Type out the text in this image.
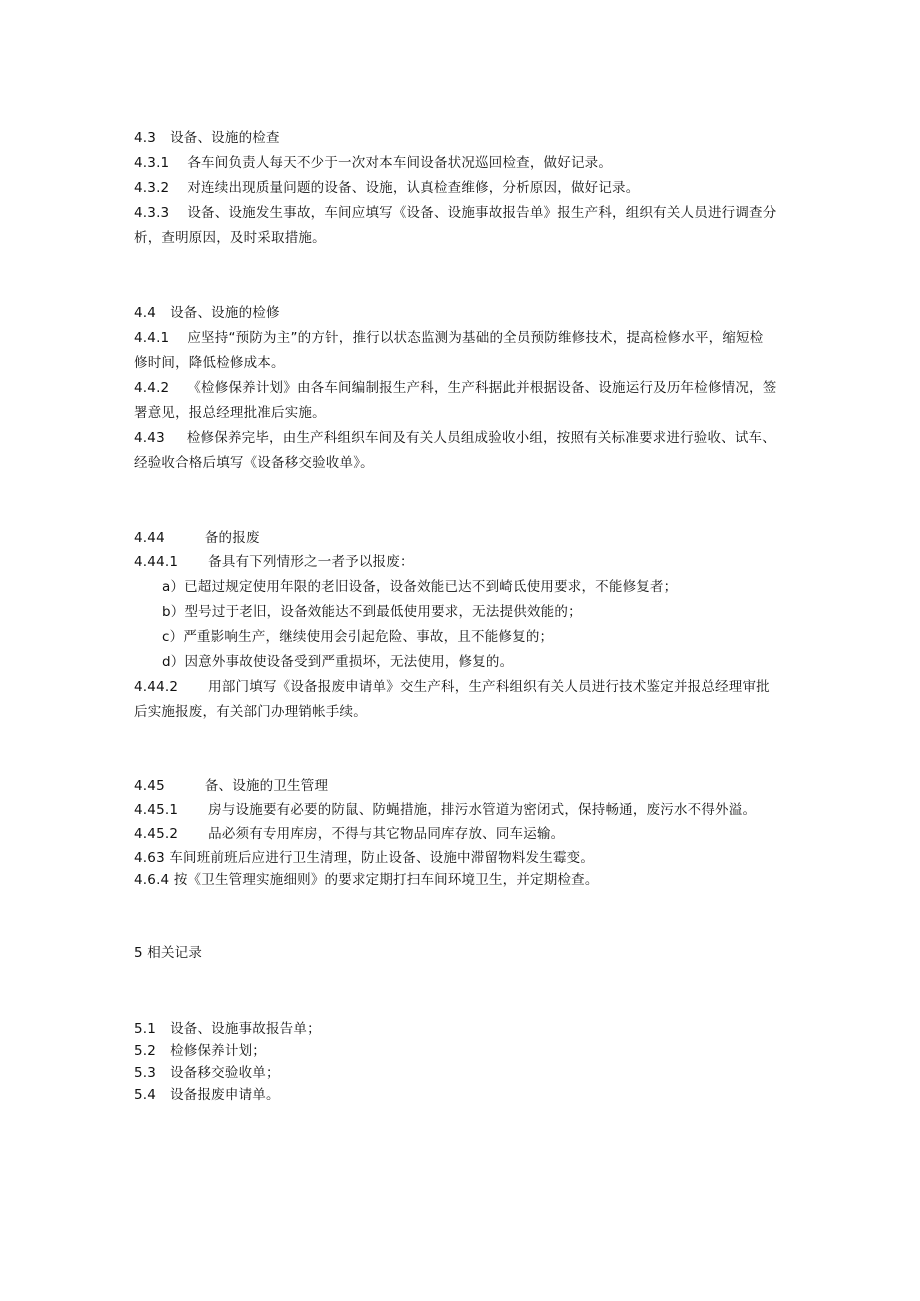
4.3 设备、设施的检查
4.3.1 各车间负责人每天不少于一次对本车间设备状况巡回检查，做好记录。
4.3.2 对连续出现质量问题的设备、设施，认真检查维修，分析原因，做好记录。
4.3.3 设备、设施发生事故，车间应填写《设备、设施事故报告单》报生产科，组织有关人员进行调查分
析，查明原因，及时采取措施。
4.4 设备、设施的检修
4.4.1 应坚持“预防为主”的方针，推行以状态监测为基础的全员预防维修技术，提高检修水平，缩短检
修时间，降低检修成本。
4.4.2 《检修保养计划》由各车间编制报生产科，生产科据此并根据设备、设施运行及历年检修情况，签
署意见，报总经理批准后实施。
4.43 检修保养完毕，由生产科组织车间及有关人员组成验收小组，按照有关标准要求进行验收、试车、
经验收合格后填写《设备移交验收单》。
4.44	备的报废
4.44.1 备具有下列情形之一者予以报废：
a）已超过规定使用年限的老旧设备，设备效能已达不到崎氐使用要求，不能修复者；
b）型号过于老旧，设备效能达不到最低使用要求，无法提供效能的；
c）严重影响生产，继续使用会引起危险、事故，且不能修复的；
d）因意外事故使设备受到严重损坏，无法使用，修复的。
4.44.2 用部门填写《设备报废申请单》交生产科，生产科组织有关人员进行技术鉴定并报总经理审批
后实施报废，有关部门办理销帐手续。
4.45	备、设施的卫生管理
4.45.1 房与设施要有必要的防鼠、防蝇措施，排污水管道为密闭式，保持畅通，废污水不得外溢。
4.45.2 品必须有专用库房，不得与其它物品同库存放、同车运输。
4.63 车间班前班后应进行卫生清理，防止设备、设施中滞留物料发生霉变。
4.6.4 按《卫生管理实施细则》的要求定期打扫车间环境卫生，并定期检查。
5 相关记录
5.1 设备、设施事故报告单；
5.2 检修保养计划；
5.3 设备移交验收单；
5.4 设备报废申请单。
